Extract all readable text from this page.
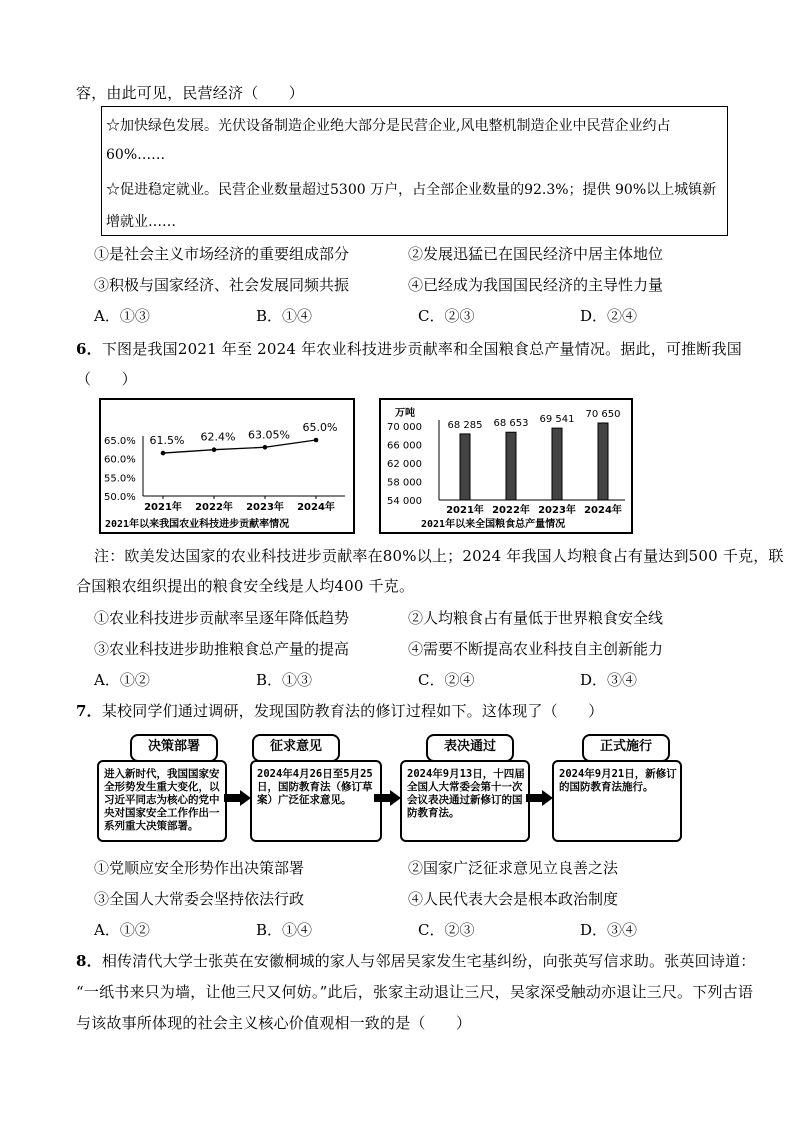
容，由此可见，民营经济（　　）
☆加快绿色发展。光伏设备制造企业绝大部分是民营企业,风电整机制造企业中民营企业约占
60%……
☆促进稳定就业。民营企业数量超过5300 万户，占全部企业数量的92.3%；提供 90%以上城镇新
增就业……
①是社会主义市场经济的重要组成部分	②发展迅猛已在国民经济中居主体地位
③积极与国家经济、社会发展同频共振	④已经成为我国国民经济的主导性力量
A．①③	B．①④	C．②③	D．②④
6．下图是我国2021 年至 2024 年农业科技进步贡献率和全国粮食总产量情况。据此，可推断我国
（　　）
65.0%
60.0%
55.0%
50.0%
2021年 2022年 2023年 2024年
61.5% 62.4% 63.05%
65.0%
2021年以来我国农业科技进步贡献率情况
万吨
70 000
66 000
62 000
58 000
54 000
68 285
2021年
68 653
2022年
69 541
2023年
70 650
2024年
2021年以来全国粮食总产量情况
注：欧美发达国家的农业科技进步贡献率在80%以上；2024 年我国人均粮食占有量达到500 千克，联
合国粮农组织提出的粮食安全线是人均400 千克。
①农业科技进步贡献率呈逐年降低趋势	②人均粮食占有量低于世界粮食安全线
③农业科技进步助推粮食总产量的提高	④需要不断提高农业科技自主创新能力
A．①②	B．①③	C．②④	D．③④
7．某校同学们通过调研，发现国防教育法的修订过程如下。这体现了（　　）
进入新时代，我国国家安全形势发生重大变化，以习近平同志为核心的党中央对国家安全工作作出一系列重大决策部署。
决策部署
2024年4月26日至5月25日，国防教育法（修订草案）广泛征求意见。
征求意见
2024年9月13日，十四届全国人大常委会第十一次会议表决通过新修订的国防教育法。
表决通过
2024年9月21日，新修订的国防教育法施行。
正式施行
①党顺应安全形势作出决策部署	②国家广泛征求意见立良善之法
③全国人大常委会坚持依法行政	④人民代表大会是根本政治制度
A．①②	B．①④	C．②③	D．③④
8．相传清代大学士张英在安徽桐城的家人与邻居吴家发生宅基纠纷，向张英写信求助。张英回诗道：
“一纸书来只为墙，让他三尺又何妨。”此后，张家主动退让三尺，吴家深受触动亦退让三尺。下列古语
与该故事所体现的社会主义核心价值观相一致的是（　　）
